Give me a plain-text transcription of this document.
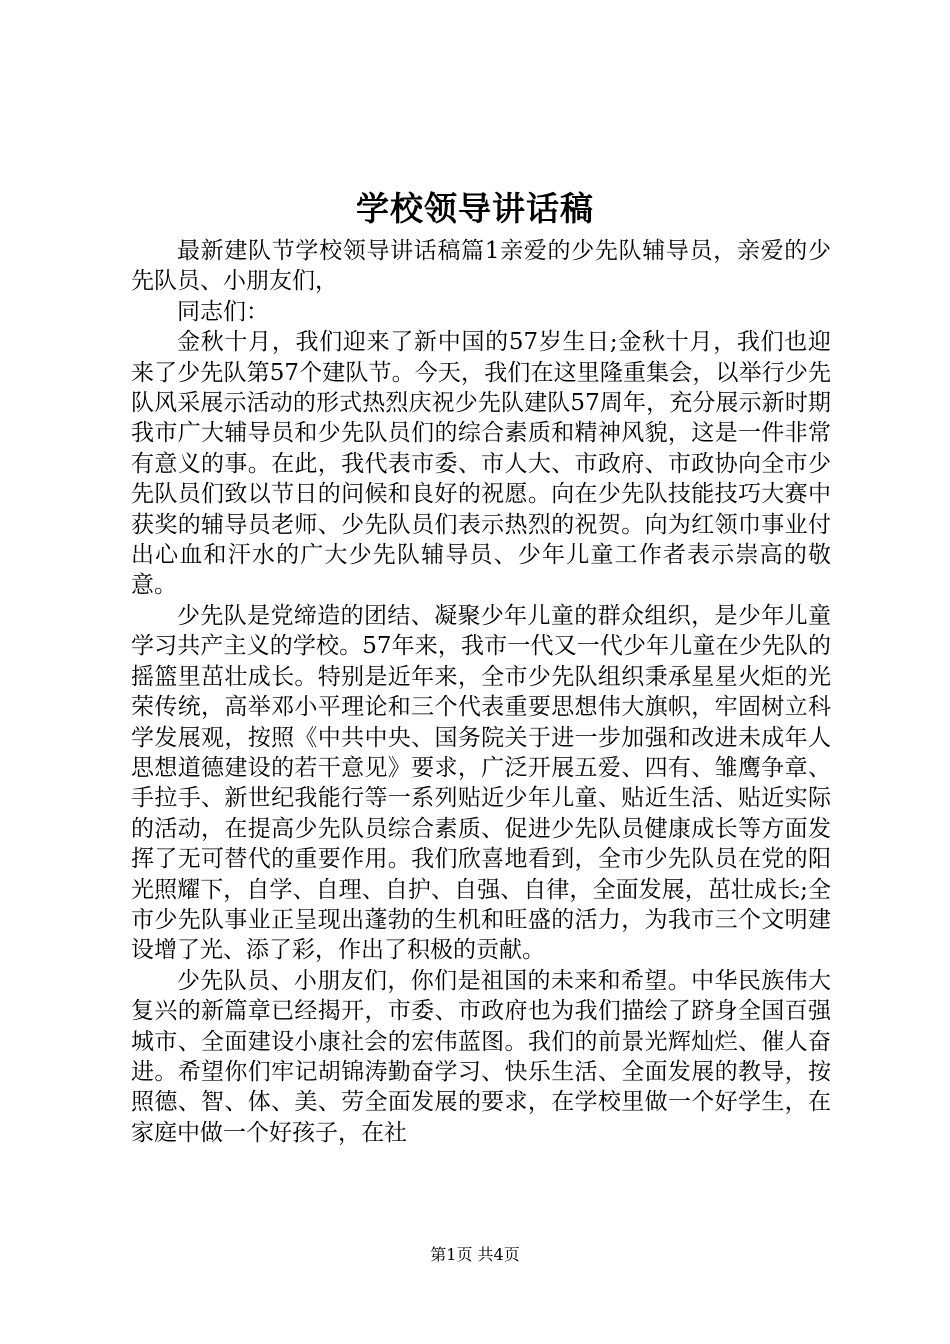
学校领导讲话稿

最新建队节学校领导讲话稿篇1亲爱的少先队辅导员，亲爱的少先队员、小朋友们，

同志们：

金秋十月，我们迎来了新中国的57岁生日;金秋十月，我们也迎来了少先队第57个建队节。今天，我们在这里隆重集会，以举行少先队风采展示活动的形式热烈庆祝少先队建队57周年，充分展示新时期我市广大辅导员和少先队员们的综合素质和精神风貌，这是一件非常有意义的事。在此，我代表市委、市人大、市政府、市政协向全市少先队员们致以节日的问候和良好的祝愿。向在少先队技能技巧大赛中获奖的辅导员老师、少先队员们表示热烈的祝贺。向为红领巾事业付出心血和汗水的广大少先队辅导员、少年儿童工作者表示崇高的敬意。

少先队是党缔造的团结、凝聚少年儿童的群众组织，是少年儿童学习共产主义的学校。57年来，我市一代又一代少年儿童在少先队的摇篮里茁壮成长。特别是近年来，全市少先队组织秉承星星火炬的光荣传统，高举邓小平理论和三个代表重要思想伟大旗帜，牢固树立科学发展观，按照《中共中央、国务院关于进一步加强和改进未成年人思想道德建设的若干意见》要求，广泛开展五爱、四有、雏鹰争章、手拉手、新世纪我能行等一系列贴近少年儿童、贴近生活、贴近实际的活动，在提高少先队员综合素质、促进少先队员健康成长等方面发挥了无可替代的重要作用。我们欣喜地看到，全市少先队员在党的阳光照耀下，自学、自理、自护、自强、自律，全面发展，茁壮成长;全市少先队事业正呈现出蓬勃的生机和旺盛的活力，为我市三个文明建设增了光、添了彩，作出了积极的贡献。

少先队员、小朋友们，你们是祖国的未来和希望。中华民族伟大复兴的新篇章已经揭开，市委、市政府也为我们描绘了跻身全国百强城市、全面建设小康社会的宏伟蓝图。我们的前景光辉灿烂、催人奋进。希望你们牢记胡锦涛勤奋学习、快乐生活、全面发展的教导，按照德、智、体、美、劳全面发展的要求，在学校里做一个好学生，在家庭中做一个好孩子，在社

第1页 共4页
